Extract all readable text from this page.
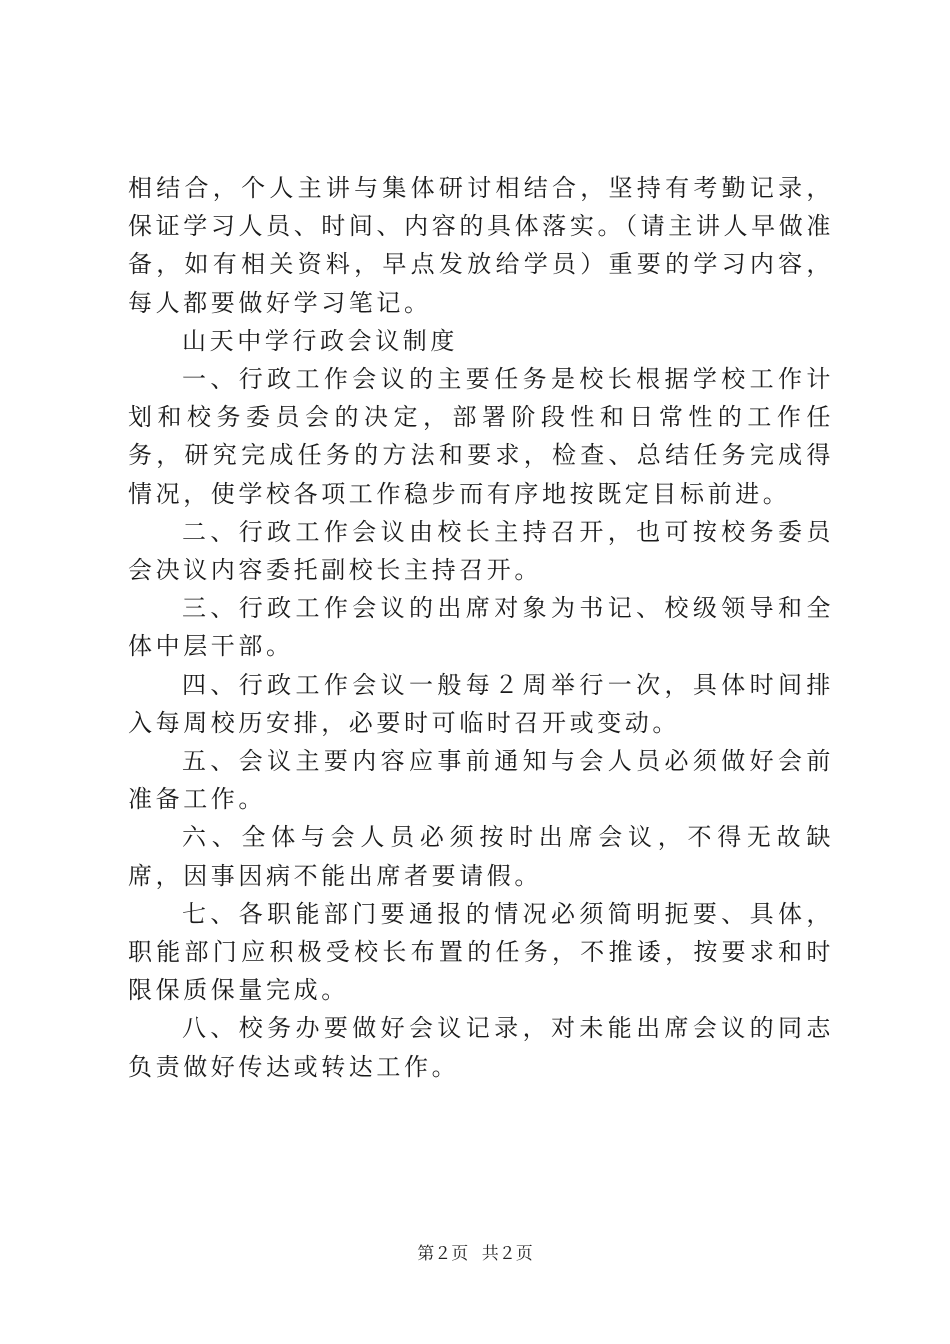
相结合，个人主讲与集体研讨相结合，坚持有考勤记录，保证学习人员、时间、内容的具体落实。（请主讲人早做准备，如有相关资料，早点发放给学员）重要的学习内容，每人都要做好学习笔记。

山天中学行政会议制度

一、行政工作会议的主要任务是校长根据学校工作计划和校务委员会的决定，部署阶段性和日常性的工作任务，研究完成任务的方法和要求，检查、总结任务完成得情况，使学校各项工作稳步而有序地按既定目标前进。

二、行政工作会议由校长主持召开，也可按校务委员会决议内容委托副校长主持召开。

三、行政工作会议的出席对象为书记、校级领导和全体中层干部。

四、行政工作会议一般每２周举行一次，具体时间排入每周校历安排，必要时可临时召开或变动。

五、会议主要内容应事前通知与会人员必须做好会前准备工作。

六、全体与会人员必须按时出席会议，不得无故缺席，因事因病不能出席者要请假。

七、各职能部门要通报的情况必须简明扼要、具体，职能部门应积极受校长布置的任务，不推诿，按要求和时限保质保量完成。

八、校务办要做好会议记录，对未能出席会议的同志负责做好传达或转达工作。

第２页 共２页
